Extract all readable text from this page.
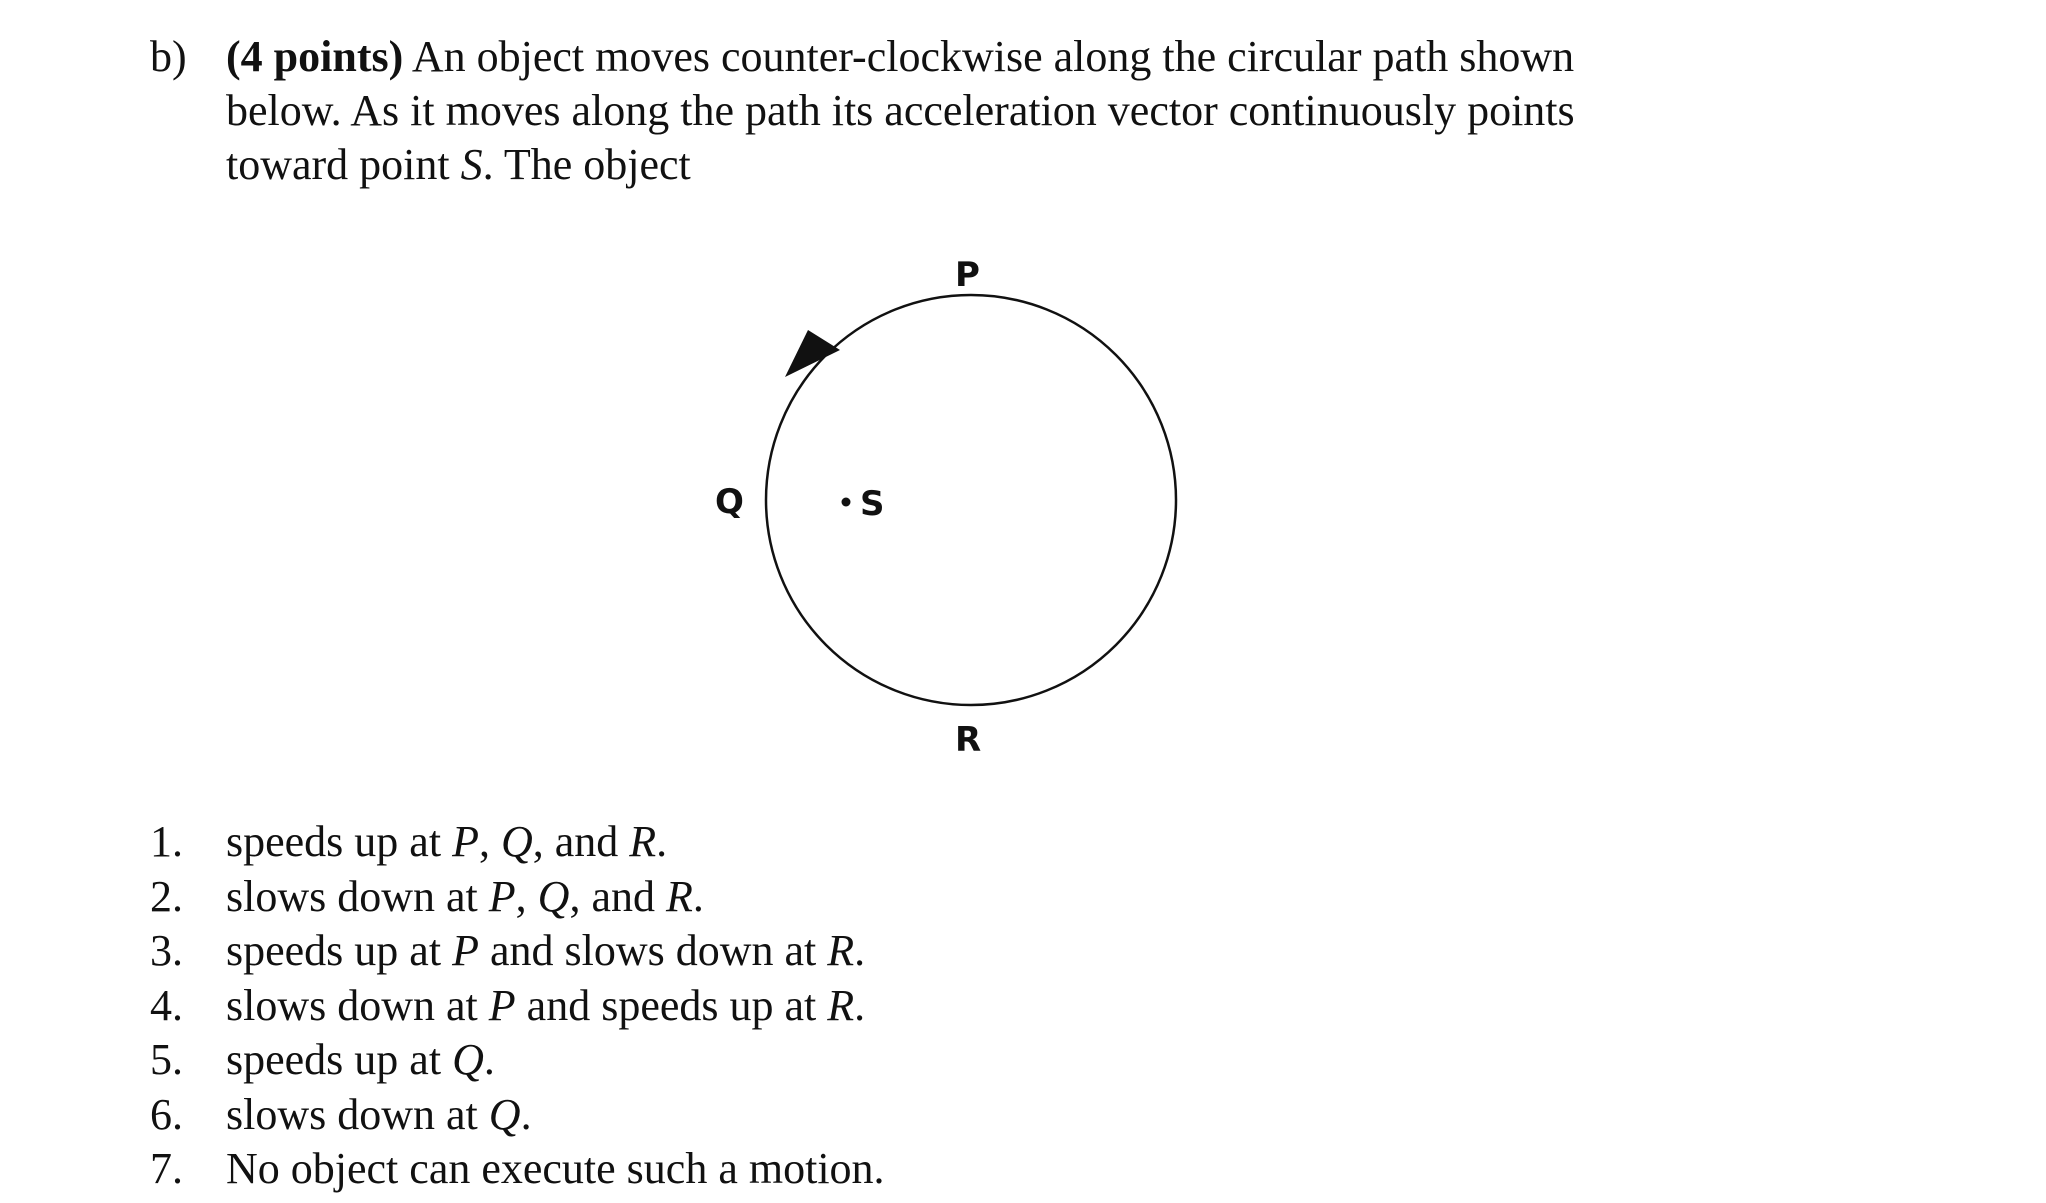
b) (4 points) An object moves counter-clockwise along the circular path shown
below. As it moves along the path its acceleration vector continuously points
toward point S. The object
P
Q	S
R
1. speeds up at P, Q, and R.
2. slows down at P, Q, and R.
3. speeds up at P and slows down at R.
4. slows down at P and speeds up at R.
5. speeds up at Q.
6. slows down at Q.
7. No object can execute such a motion.
